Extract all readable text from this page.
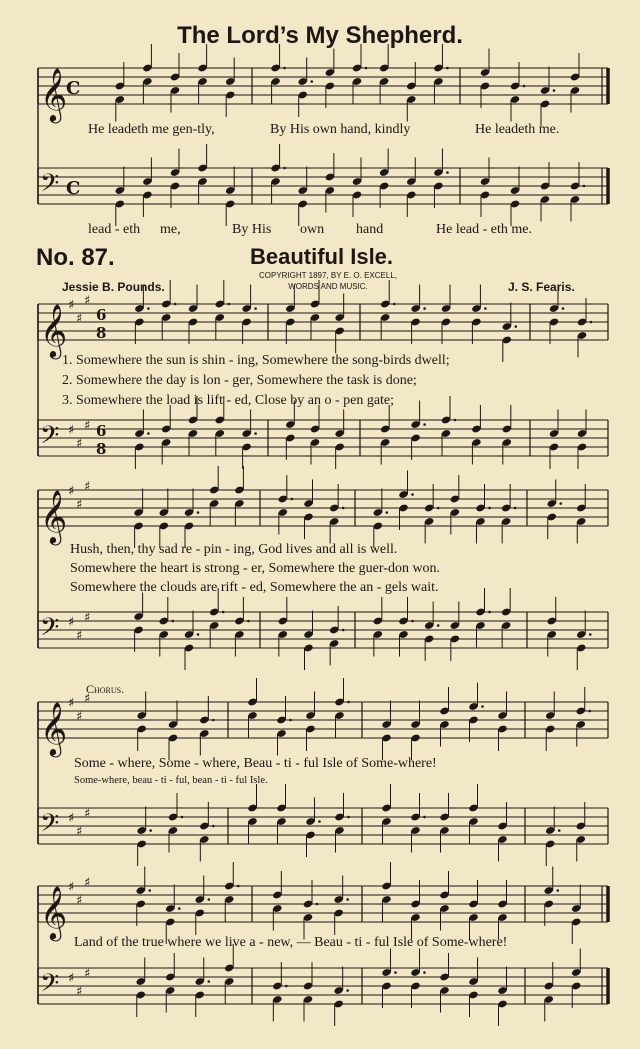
The Lord’s My Shepherd.
He leadeth me gen-tly,	By His own hand, kindly	He leadeth me.
lead - eth me,	By His own hand	He lead - eth me.
No. 87.	Beautiful Isle.
Jessie B. Pounds.	J. S. Fearis.
COPYRIGHT 1897, BY E. O. EXCELL,
WORDS AND MUSIC.
1. Somewhere the sun is shin - ing, Somewhere the song-birds dwell;
2. Somewhere the day is lon - ger, Somewhere the task is done;
3. Somewhere the load is lift - ed, Close by an o - pen gate;
Hush, then, thy sad re - pin - ing, God lives and all is well.
Somewhere the heart is strong - er, Somewhere the guer-don won.
Somewhere the clouds are rift - ed, Somewhere the an - gels wait.
Chorus.
Some - where, Some - where, Beau - ti - ful Isle of Some-where!
Some-where, beau - ti - ful, bean - ti - ful Isle.
Land of the true where we live a - new, — Beau - ti - ful Isle of Some-where!
𝄞
C
𝄢 C
𝄞 ♯
♯
♯
6
8
𝄢 ♯
♯
♯ 6
8
𝄞 ♯
♯
♯
𝄢 ♯
♯
♯
𝄞 ♯
♯
♯
𝄢 ♯
♯
♯
𝄞 ♯
♯
♯
𝄢 ♯
♯
♯
